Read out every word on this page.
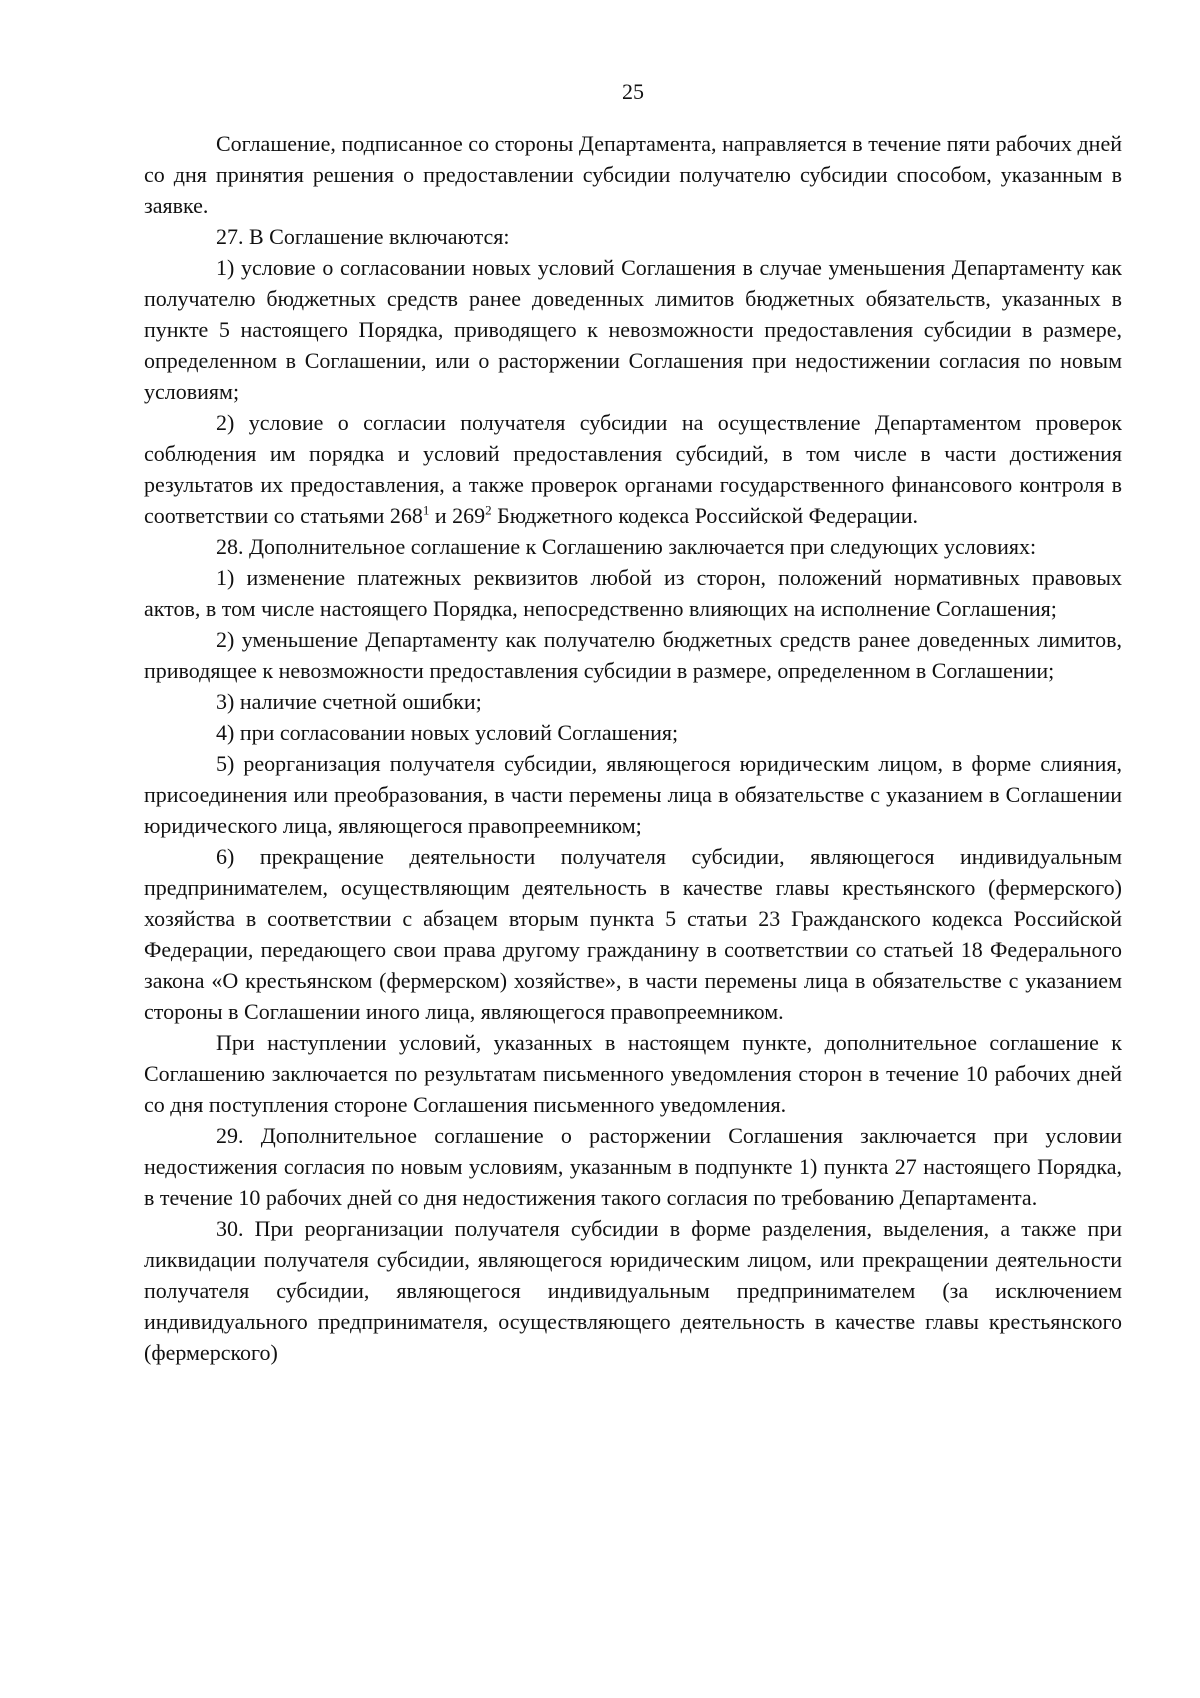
25

Соглашение, подписанное со стороны Департамента, направляется в течение пяти рабочих дней со дня принятия решения о предоставлении субсидии получателю субсидии способом, указанным в заявке.

27. В Соглашение включаются:

1) условие о согласовании новых условий Соглашения в случае уменьшения Департаменту как получателю бюджетных средств ранее доведенных лимитов бюджетных обязательств, указанных в пункте 5 настоящего Порядка, приводящего к невозможности предоставления субсидии в размере, определенном в Соглашении, или о расторжении Соглашения при недостижении согласия по новым условиям;

2) условие о согласии получателя субсидии на осуществление Департаментом проверок соблюдения им порядка и условий предоставления субсидий, в том числе в части достижения результатов их предоставления, а также проверок органами государственного финансового контроля в соответствии со статьями $268^1$ и $269^2$ Бюджетного кодекса Российской Федерации.

28. Дополнительное соглашение к Соглашению заключается при следующих условиях:

1) изменение платежных реквизитов любой из сторон, положений нормативных правовых актов, в том числе настоящего Порядка, непосредственно влияющих на исполнение Соглашения;

2) уменьшение Департаменту как получателю бюджетных средств ранее доведенных лимитов, приводящее к невозможности предоставления субсидии в размере, определенном в Соглашении;

3) наличие счетной ошибки;

4) при согласовании новых условий Соглашения;

5) реорганизация получателя субсидии, являющегося юридическим лицом, в форме слияния, присоединения или преобразования, в части перемены лица в обязательстве с указанием в Соглашении юридического лица, являющегося правопреемником;

6) прекращение деятельности получателя субсидии, являющегося индивидуальным предпринимателем, осуществляющим деятельность в качестве главы крестьянского (фермерского) хозяйства в соответствии с абзацем вторым пункта 5 статьи 23 Гражданского кодекса Российской Федерации, передающего свои права другому гражданину в соответствии со статьей 18 Федерального закона «О крестьянском (фермерском) хозяйстве», в части перемены лица в обязательстве с указанием стороны в Соглашении иного лица, являющегося правопреемником.

При наступлении условий, указанных в настоящем пункте, дополнительное соглашение к Соглашению заключается по результатам письменного уведомления сторон в течение 10 рабочих дней со дня поступления стороне Соглашения письменного уведомления.

29. Дополнительное соглашение о расторжении Соглашения заключается при условии недостижения согласия по новым условиям, указанным в подпункте 1) пункта 27 настоящего Порядка, в течение 10 рабочих дней со дня недостижения такого согласия по требованию Департамента.

30. При реорганизации получателя субсидии в форме разделения, выделения, а также при ликвидации получателя субсидии, являющегося юридическим лицом, или прекращении деятельности получателя субсидии, являющегося индивидуальным предпринимателем (за исключением индивидуального предпринимателя, осуществляющего деятельность в качестве главы крестьянского (фермерского)
